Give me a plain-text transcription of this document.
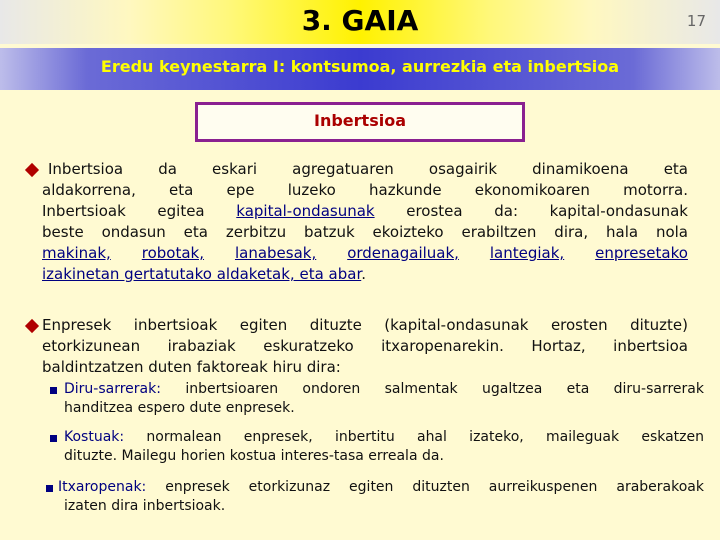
3. GAIA	17
Eredu keynestarra I: kontsumoa, aurrezkia eta inbertsioa
Inbertsioa
Inbertsioa da eskari agregatuaren osagairik dinamikoena eta
aldakorrena, eta epe luzeko hazkunde ekonomikoaren motorra.
Inbertsioak egitea kapital-ondasunak erostea da: kapital-ondasunak
beste ondasun eta zerbitzu batzuk ekoizteko erabiltzen dira, hala nola
makinak, robotak, lanabesak, ordenagailuak, lantegiak, enpresetako
izakinetan gertatutako aldaketak, eta abar.
Enpresek inbertsioak egiten dituzte (kapital-ondasunak erosten dituzte)
etorkizunean irabaziak eskuratzeko itxaropenarekin. Hortaz, inbertsioa
baldintzatzen duten faktoreak hiru dira:
Diru-sarrerak: inbertsioaren ondoren salmentak ugaltzea eta diru-sarrerak
handitzea espero dute enpresek.
Kostuak: normalean enpresek, inbertitu ahal izateko, maileguak eskatzen
dituzte. Mailegu horien kostua interes-tasa erreala da.
Itxaropenak: enpresek etorkizunaz egiten dituzten aurreikuspenen araberakoak
izaten dira inbertsioak.
